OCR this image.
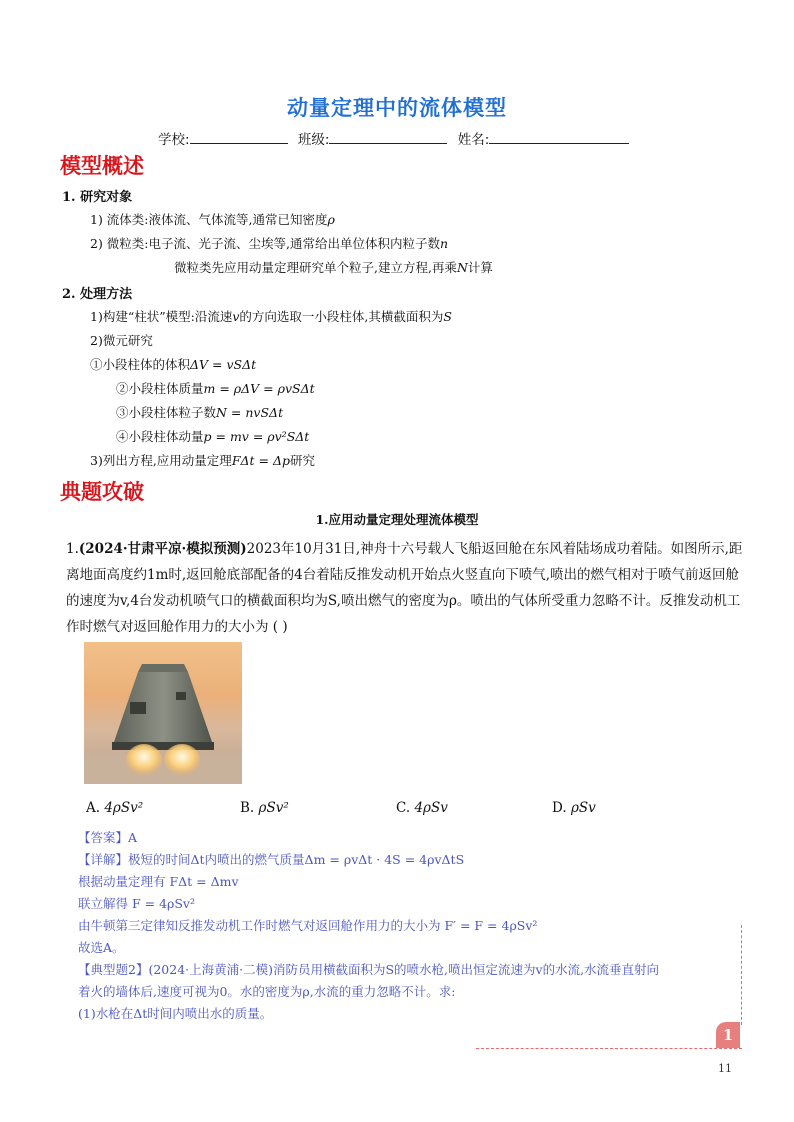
动量定理中的流体模型
学校:	班级:	姓名:
模型概述
1. 研究对象
1) 流体类:液体流、气体流等,通常已知密度ρ
2) 微粒类:电子流、光子流、尘埃等,通常给出单位体积内粒子数n
微粒类先应用动量定理研究单个粒子,建立方程,再乘N计算
2. 处理方法
1)构建“柱状”模型:沿流速v的方向选取一小段柱体,其横截面积为S
2)微元研究
①小段柱体的体积ΔV = vSΔt
②小段柱体质量m = ρΔV = ρvSΔt
③小段柱体粒子数N = nvSΔt
④小段柱体动量p = mv = ρv²SΔt
3)列出方程,应用动量定理FΔt = Δp研究
典题攻破
1.应用动量定理处理流体模型
1.(2024·甘肃平凉·模拟预测)2023年10月31日,神舟十六号载人飞船返回舱在东风着陆场成功着陆。如图所示,距离地面高度约1m时,返回舱底部配备的4台着陆反推发动机开始点火竖直向下喷气,喷出的燃气相对于喷气前返回舱的速度为v,4台发动机喷气口的横截面积均为S,喷出燃气的密度为ρ。喷出的气体所受重力忽略不计。反推发动机工作时燃气对返回舱作用力的大小为 ( )
A. 4ρSv²	B. ρSv²	C. 4ρSv	D. ρSv
【答案】A
【详解】极短的时间Δt内喷出的燃气质量Δm = ρvΔt · 4S = 4ρvΔtS
根据动量定理有 FΔt = Δmv
联立解得 F = 4ρSv²
由牛顿第三定律知反推发动机工作时燃气对返回舱作用力的大小为 F′ = F = 4ρSv²
故选A。
【典型题2】(2024·上海黄浦·二模)消防员用横截面积为S的喷水枪,喷出恒定流速为v的水流,水流垂直射向
着火的墙体后,速度可视为0。水的密度为ρ,水流的重力忽略不计。求:
(1)水枪在Δt时间内喷出水的质量。
1
11
